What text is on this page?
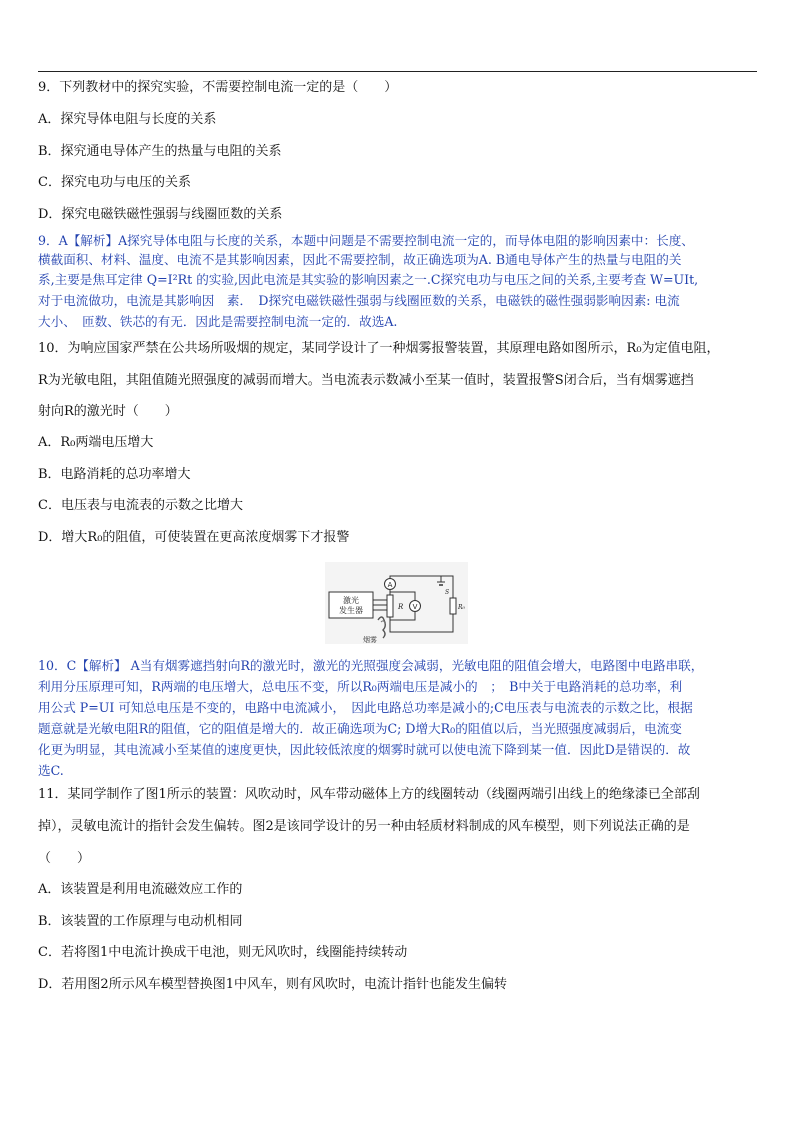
9．下列教材中的探究实验，不需要控制电流一定的是（　　）
A．探究导体电阻与长度的关系
B．探究通电导体产生的热量与电阻的关系
C．探究电功与电压的关系
D．探究电磁铁磁性强弱与线圈匝数的关系
9．A【解析】A探究导体电阻与长度的关系，本题中问题是不需要控制电流一定的，而导体电阻的影响因素中：长度、
横截面积、材料、温度、电流不是其影响因素，因此不需要控制，故正确选项为A. B通电导体产生的热量与电阻的关
系,主要是焦耳定律 Q=I²Rt 的实验,因此电流是其实验的影响因素之一.C探究电功与电压之间的关系,主要考查 W=UIt,
对于电流做功，电流是其影响因　素．　D探究电磁铁磁性强弱与线圈匝数的关系，电磁铁的磁性强弱影响因素: 电流
大小、　匝数、铁芯的有无．因此是需要控制电流一定的．故选A.
10．为响应国家严禁在公共场所吸烟的规定，某同学设计了一种烟雾报警装置，其原理电路如图所示，R₀为定值电阻，
R为光敏电阻，其阻值随光照强度的减弱而增大。当电流表示数减小至某一值时，装置报警S闭合后，当有烟雾遮挡
射向R的激光时（　　）
A．R₀两端电压增大
B．电路消耗的总功率增大
C．电压表与电流表的示数之比增大
D．增大R₀的阻值，可使装置在更高浓度烟雾下才报警
激光
发生器	R
A
V
S
R₀
烟雾
10．C【解析】 A当有烟雾遮挡射向R的激光时，激光的光照强度会减弱，光敏电阻的阻值会增大，电路图中电路串联，
利用分压原理可知，R两端的电压增大，总电压不变，所以R₀两端电压是减小的　；　B中关于电路消耗的总功率，利
用公式 P=UI 可知总电压是不变的，电路中电流减小，　因此电路总功率是减小的;C电压表与电流表的示数之比，根据
题意就是光敏电阻R的阻值，它的阻值是增大的．故正确选项为C; D增大R₀的阻值以后，当光照强度减弱后，电流变
化更为明显，其电流减小至某值的速度更快，因此较低浓度的烟雾时就可以使电流下降到某一值．因此D是错误的．故
选C.
11．某同学制作了图1所示的装置：风吹动时，风车带动磁体上方的线圈转动（线圈两端引出线上的绝缘漆已全部刮
掉），灵敏电流计的指针会发生偏转。图2是该同学设计的另一种由轻质材料制成的风车模型，则下列说法正确的是
（　　）
A．该装置是利用电流磁效应工作的
B．该装置的工作原理与电动机相同
C．若将图1中电流计换成干电池，则无风吹时，线圈能持续转动
D．若用图2所示风车模型替换图1中风车，则有风吹时，电流计指针也能发生偏转
